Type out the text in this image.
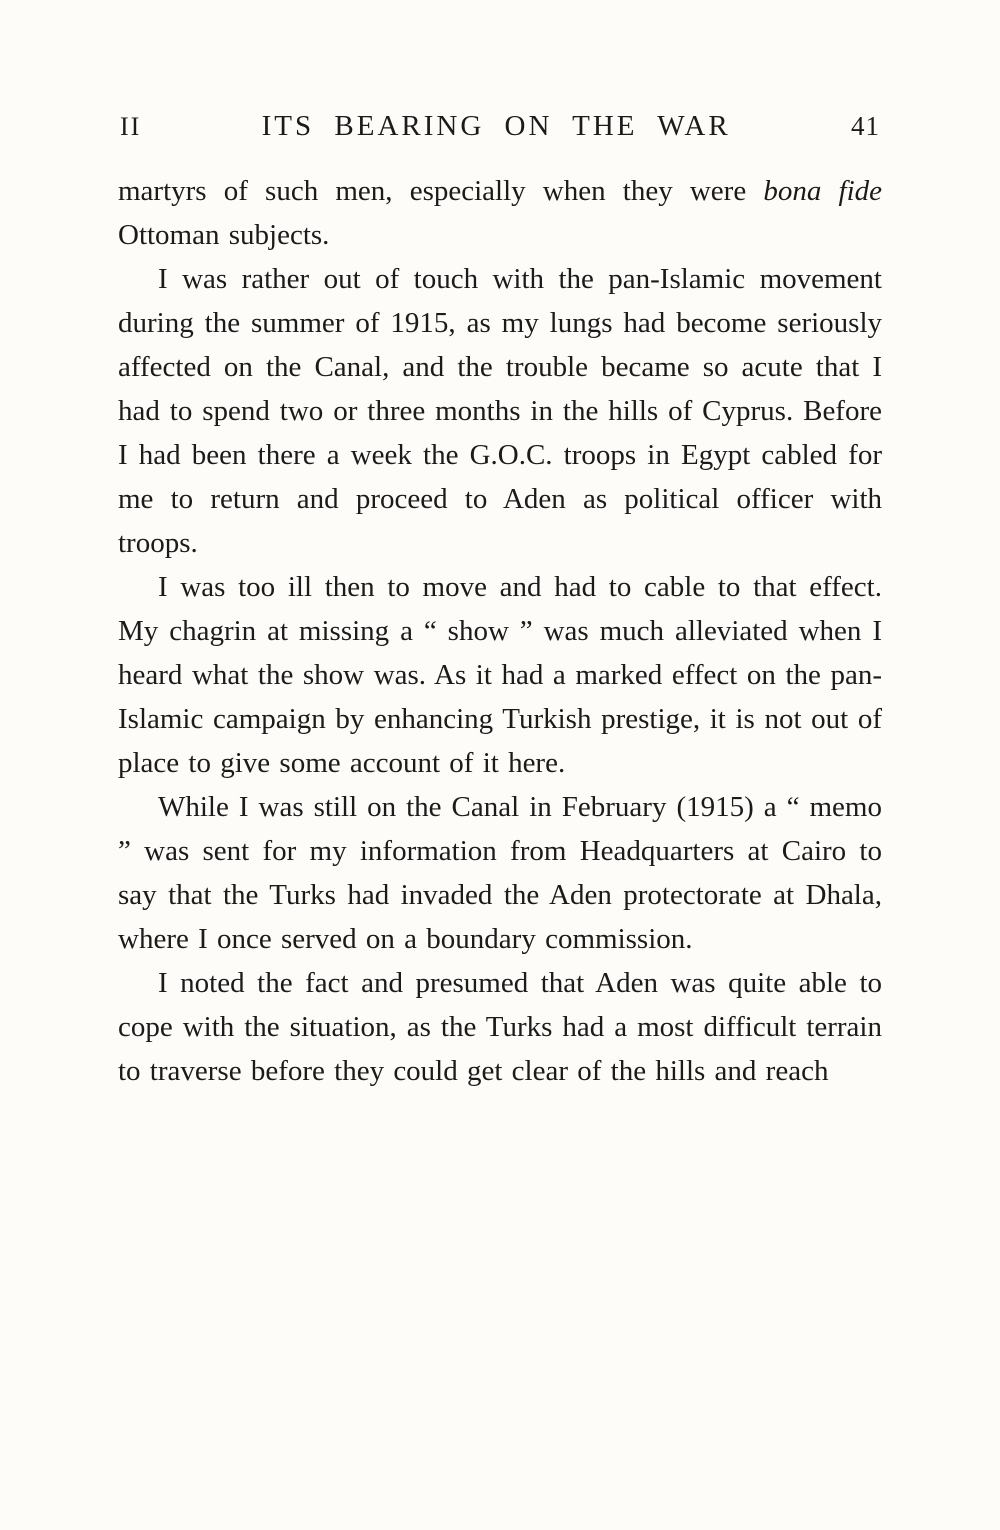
II	ITS BEARING ON THE WAR	41

martyrs of such men, especially when they were bona fide Ottoman subjects.

I was rather out of touch with the pan-Islamic movement during the summer of 1915, as my lungs had become seriously affected on the Canal, and the trouble became so acute that I had to spend two or three months in the hills of Cyprus. Before I had been there a week the G.O.C. troops in Egypt cabled for me to return and proceed to Aden as political officer with troops.

I was too ill then to move and had to cable to that effect. My chagrin at missing a “ show ” was much alleviated when I heard what the show was. As it had a marked effect on the pan-Islamic campaign by enhancing Turkish prestige, it is not out of place to give some account of it here.

While I was still on the Canal in February (1915) a “ memo ” was sent for my information from Headquarters at Cairo to say that the Turks had invaded the Aden protectorate at Dhala, where I once served on a boundary commission.

I noted the fact and presumed that Aden was quite able to cope with the situation, as the Turks had a most difficult terrain to traverse before they could get clear of the hills and reach
